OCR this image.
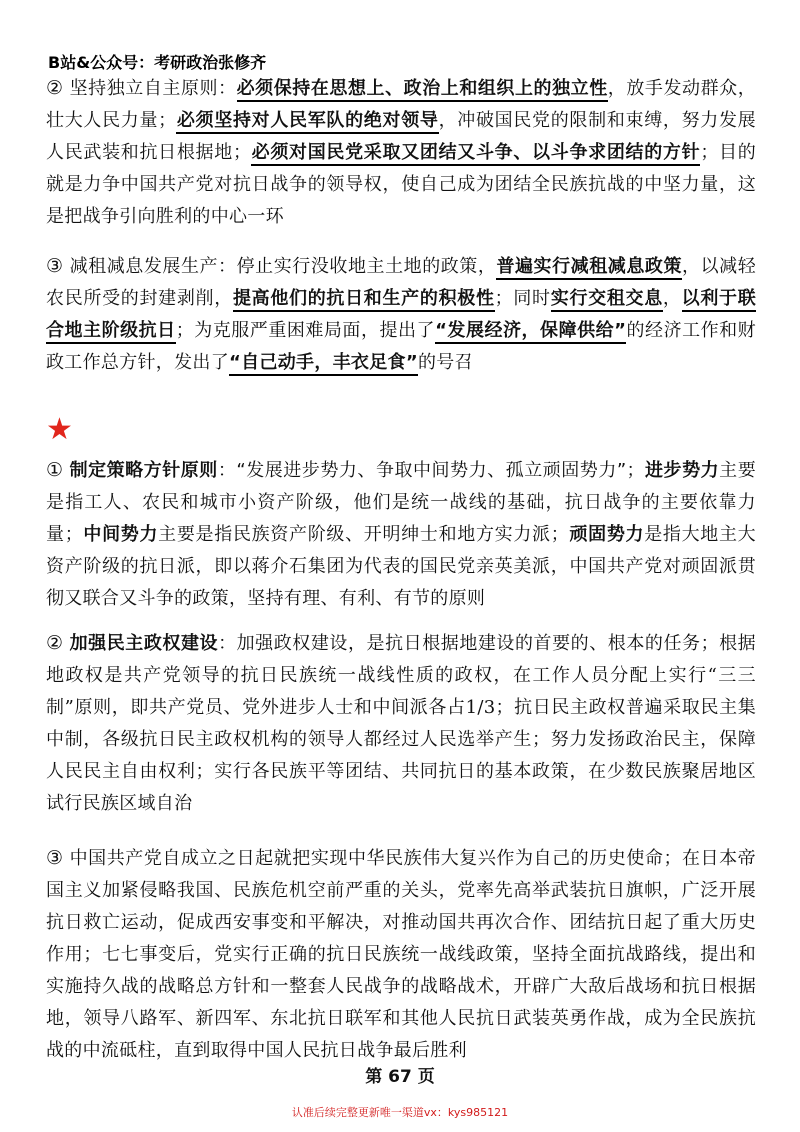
B站&公众号：考研政治张修齐
② 坚持独立自主原则：必须保持在思想上、政治上和组织上的独立性，放手发动群众，壮大人民力量；必须坚持对人民军队的绝对领导，冲破国民党的限制和束缚，努力发展人民武装和抗日根据地；必须对国民党采取又团结又斗争、以斗争求团结的方针；目的就是力争中国共产党对抗日战争的领导权，使自己成为团结全民族抗战的中坚力量，这是把战争引向胜利的中心一环
③ 减租减息发展生产：停止实行没收地主土地的政策，普遍实行减租减息政策，以减轻农民所受的封建剥削，提高他们的抗日和生产的积极性；同时实行交租交息，以利于联合地主阶级抗日；为克服严重困难局面，提出了“发展经济，保障供给”的经济工作和财政工作总方针，发出了“自己动手，丰衣足食”的号召
★
① 制定策略方针原则：“发展进步势力、争取中间势力、孤立顽固势力”；进步势力主要是指工人、农民和城市小资产阶级，他们是统一战线的基础，抗日战争的主要依靠力量；中间势力主要是指民族资产阶级、开明绅士和地方实力派；顽固势力是指大地主大资产阶级的抗日派，即以蒋介石集团为代表的国民党亲英美派，中国共产党对顽固派贯彻又联合又斗争的政策，坚持有理、有利、有节的原则
② 加强民主政权建设：加强政权建设，是抗日根据地建设的首要的、根本的任务；根据地政权是共产党领导的抗日民族统一战线性质的政权，在工作人员分配上实行“三三制”原则，即共产党员、党外进步人士和中间派各占1/3；抗日民主政权普遍采取民主集中制，各级抗日民主政权机构的领导人都经过人民选举产生；努力发扬政治民主，保障人民民主自由权利；实行各民族平等团结、共同抗日的基本政策，在少数民族聚居地区试行民族区域自治
③ 中国共产党自成立之日起就把实现中华民族伟大复兴作为自己的历史使命；在日本帝国主义加紧侵略我国、民族危机空前严重的关头，党率先高举武装抗日旗帜，广泛开展抗日救亡运动，促成西安事变和平解决，对推动国共再次合作、团结抗日起了重大历史作用；七七事变后，党实行正确的抗日民族统一战线政策，坚持全面抗战路线，提出和实施持久战的战略总方针和一整套人民战争的战略战术，开辟广大敌后战场和抗日根据地，领导八路军、新四军、东北抗日联军和其他人民抗日武装英勇作战，成为全民族抗战的中流砥柱，直到取得中国人民抗日战争最后胜利
第 67 页
认准后续完整更新唯一渠道vx：kys985121
